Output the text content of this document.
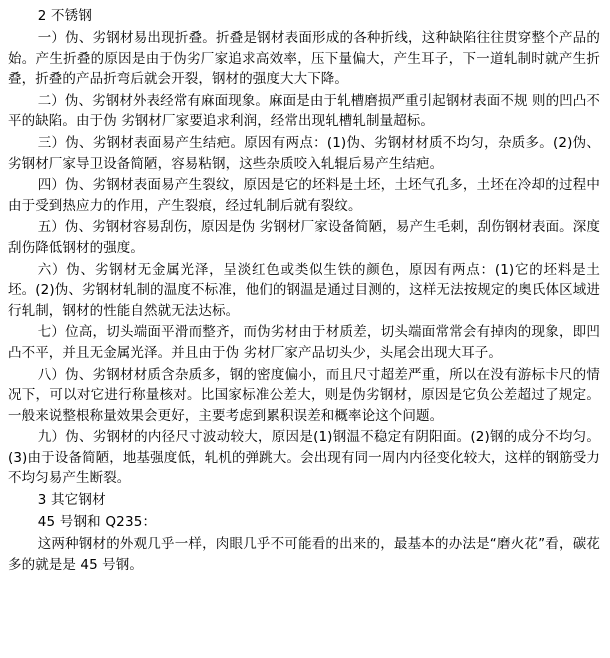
2 不锈钢

一）伪、劣钢材易出现折叠。折叠是钢材表面形成的各种折线，这种缺陷往往贯穿整个产品的始。产生折叠的原因是由于伪劣厂家追求高效率，压下量偏大，产生耳子，下一道轧制时就产生折叠，折叠的产品折弯后就会开裂，钢材的强度大大下降。

二）伪、劣钢材外表经常有麻面现象。麻面是由于轧槽磨损严重引起钢材表面不规 则的凹凸不平的缺陷。由于伪 劣钢材厂家要追求利润，经常出现轧槽轧制量超标。

三）伪、劣钢材表面易产生结疤。原因有两点：(1)伪、劣钢材材质不均匀，杂质多。(2)伪、劣钢材厂家导卫设备简陋，容易粘钢，这些杂质咬入轧辊后易产生结疤。

四）伪、劣钢材表面易产生裂纹，原因是它的坯料是土坯，土坯气孔多，土坯在冷却的过程中由于受到热应力的作用，产生裂痕，经过轧制后就有裂纹。

五）伪、劣钢材容易刮伤，原因是伪 劣钢材厂家设备简陋，易产生毛刺，刮伤钢材表面。深度刮伤降低钢材的强度。

六）伪、劣钢材无金属光泽，呈淡红色或类似生铁的颜色，原因有两点：(1)它的坯料是土坯。(2)伪、劣钢材轧制的温度不标准，他们的钢温是通过目测的，这样无法按规定的奥氏体区域进行轧制，钢材的性能自然就无法达标。

七）位高，切头端面平滑而整齐，而伪劣材由于材质差，切头端面常常会有掉肉的现象，即凹凸不平，并且无金属光泽。并且由于伪 劣材厂家产品切头少，头尾会出现大耳子。

八）伪、劣钢材材质含杂质多，钢的密度偏小，而且尺寸超差严重，所以在没有游标卡尺的情况下，可以对它进行称量核对。比国家标准公差大，则是伪劣钢材，原因是它负公差超过了规定。一般来说整根称量效果会更好，主要考虑到累积误差和概率论这个问题。

九）伪、劣钢材的内径尺寸波动较大，原因是(1)钢温不稳定有阴阳面。(2)钢的成分不均匀。(3)由于设备简陋，地基强度低，轧机的弹跳大。会出现有同一周内内径变化较大，这样的钢筋受力不均匀易产生断裂。

3 其它钢材

45 号钢和 Q235：

这两种钢材的外观几乎一样，肉眼几乎不可能看的出来的，最基本的办法是“磨火花”看，碳花多的就是是 45 号钢。
